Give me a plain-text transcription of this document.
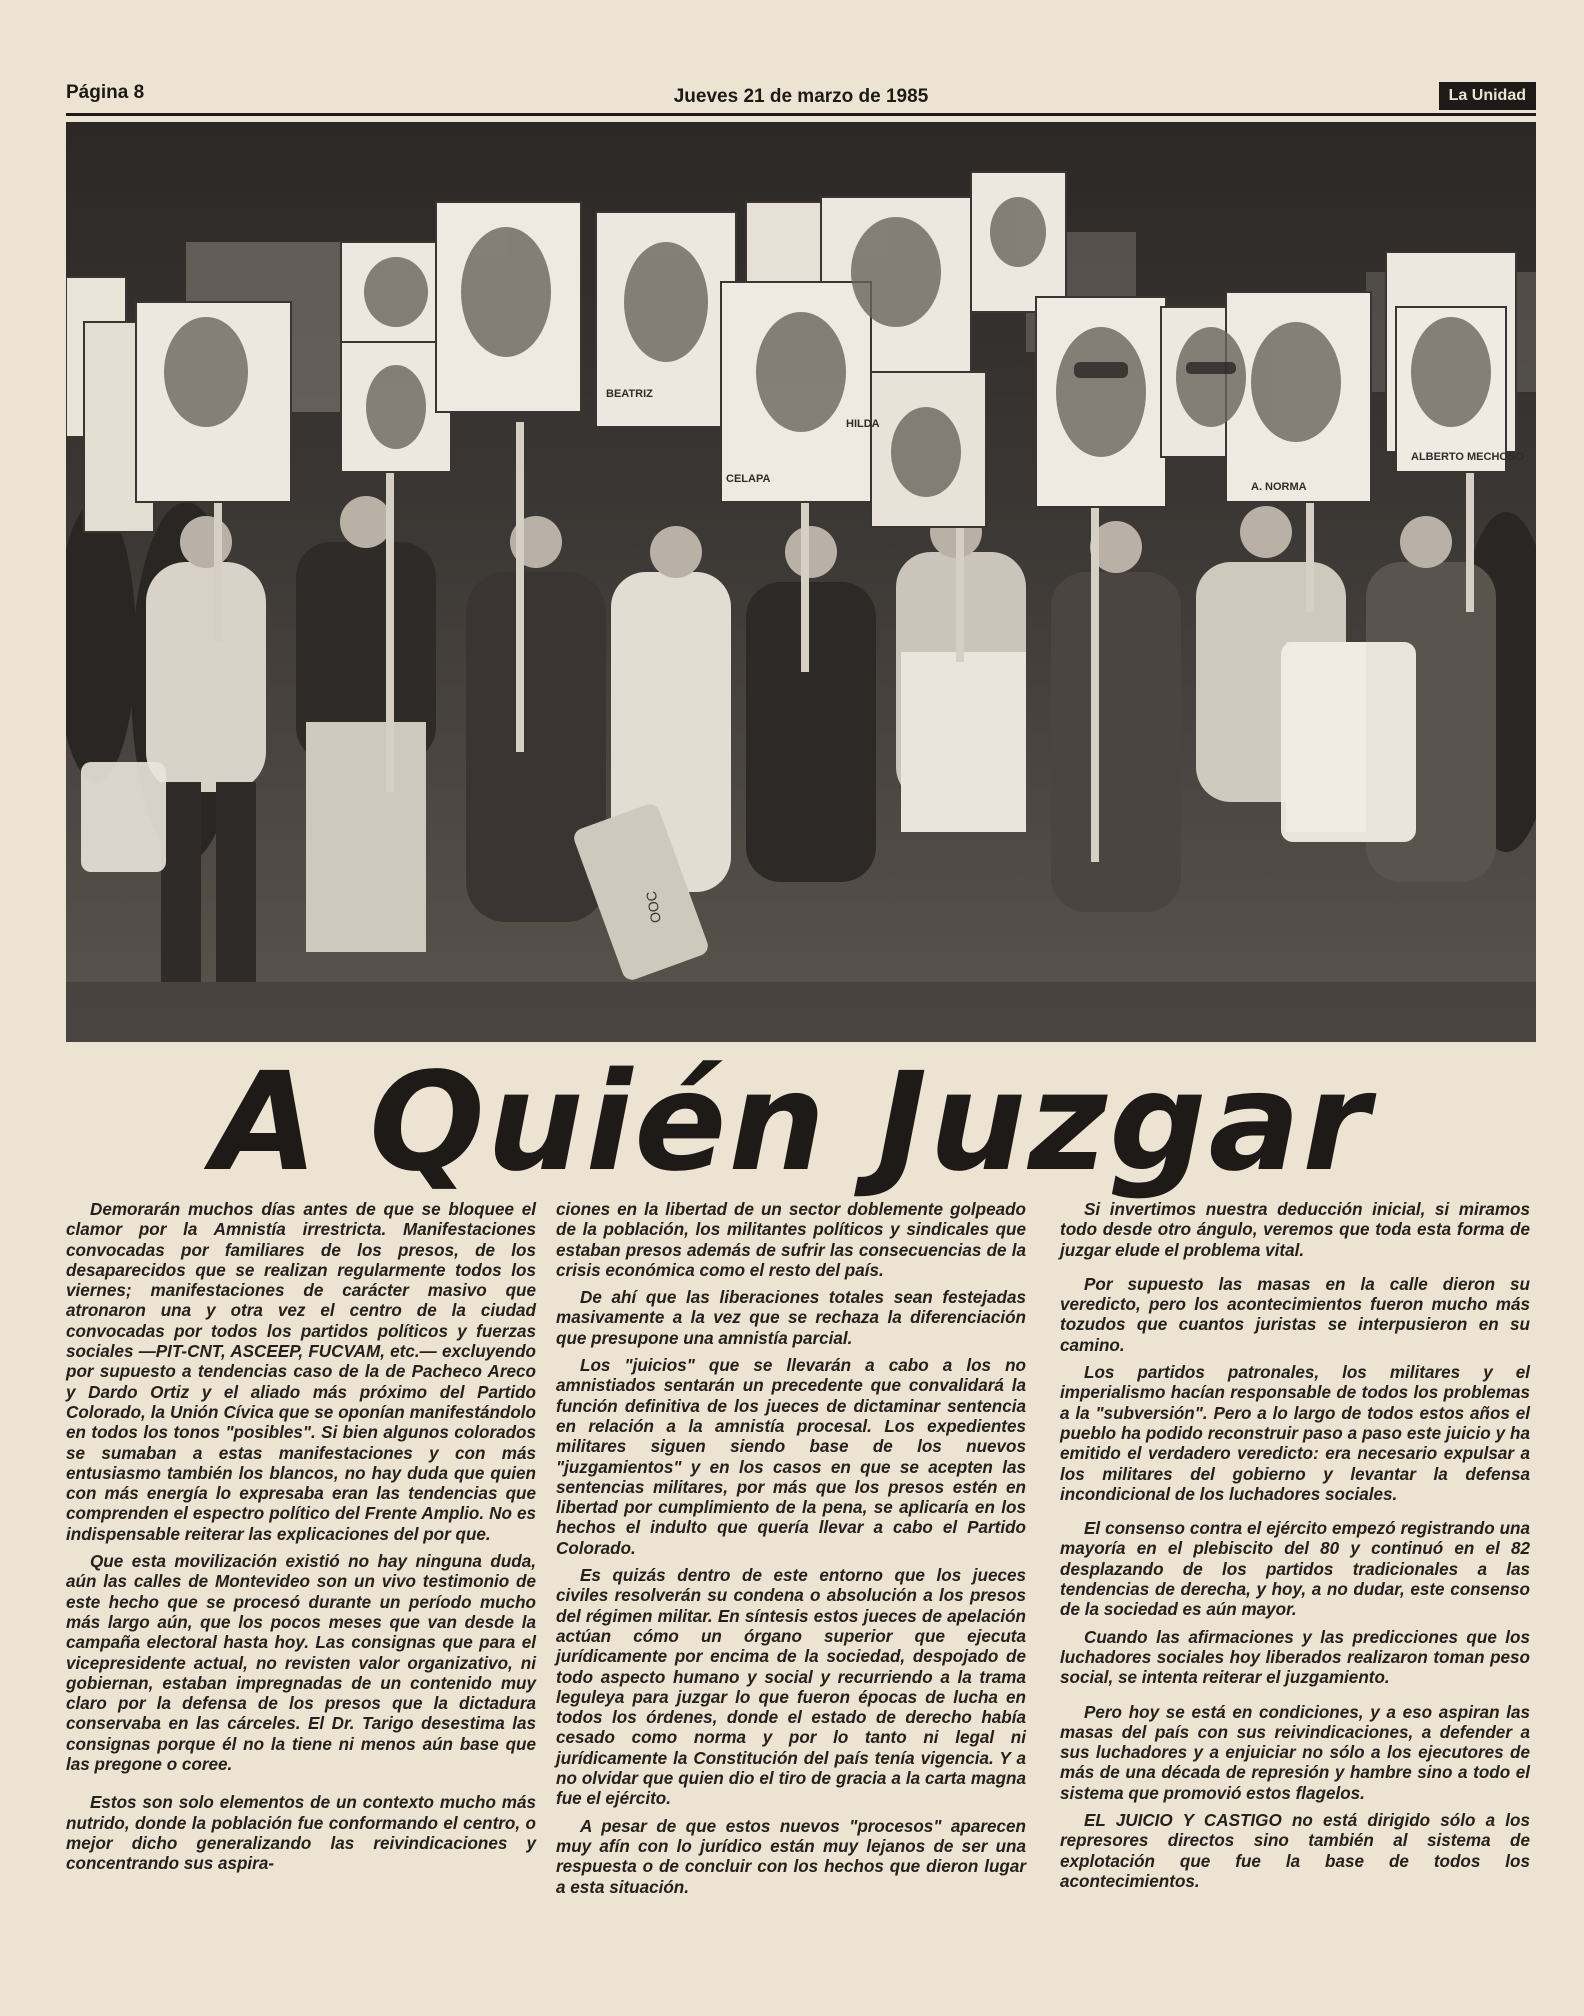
Página 8	Jueves 21 de marzo de 1985	La Unidad
ALBERTO MECHOSO
BEATRIZ
CELAPA
A. NORMA
HILDA
OOC
A Quién Juzgar

Demorarán muchos días antes de que se bloquee el clamor por la Amnistía irrestricta. Manifestaciones convocadas por familiares de los presos, de los desaparecidos que se realizan regularmente todos los viernes; manifestaciones de carácter masivo que atronaron una y otra vez el centro de la ciudad convocadas por todos los partidos políticos y fuerzas sociales —PIT-CNT, ASCEEP, FUCVAM, etc.— excluyendo por supuesto a tendencias caso de la de Pacheco Areco y Dardo Ortiz y el aliado más próximo del Partido Colorado, la Unión Cívica que se oponían manifestándolo en todos los tonos "posibles". Si bien algunos colorados se sumaban a estas manifestaciones y con más entusiasmo también los blancos, no hay duda que quien con más energía lo expresaba eran las tendencias que comprenden el espectro político del Frente Amplio. No es indispensable reiterar las explicaciones del por que.

Que esta movilización existió no hay ninguna duda, aún las calles de Montevideo son un vivo testimonio de este hecho que se procesó durante un período mucho más largo aún, que los pocos meses que van desde la campaña electoral hasta hoy. Las consignas que para el vicepresidente actual, no revisten valor organizativo, ni gobiernan, estaban impregnadas de un contenido muy claro por la defensa de los presos que la dictadura conservaba en las cárceles. El Dr. Tarigo desestima las consignas porque él no la tiene ni menos aún base que las pregone o coree.

Estos son solo elementos de un contexto mucho más nutrido, donde la población fue conformando el centro, o mejor dicho generalizando las reivindicaciones y concentrando sus aspira-

ciones en la libertad de un sector doblemente golpeado de la población, los militantes políticos y sindicales que estaban presos además de sufrir las consecuencias de la crisis económica como el resto del país.

De ahí que las liberaciones totales sean festejadas masivamente a la vez que se rechaza la diferenciación que presupone una amnistía parcial.

Los "juicios" que se llevarán a cabo a los no amnistiados sentarán un precedente que convalidará la función definitiva de los jueces de dictaminar sentencia en relación a la amnistía procesal. Los expedientes militares siguen siendo base de los nuevos "juzgamientos" y en los casos en que se acepten las sentencias militares, por más que los presos estén en libertad por cumplimiento de la pena, se aplicaría en los hechos el indulto que quería llevar a cabo el Partido Colorado.

Es quizás dentro de este entorno que los jueces civiles resolverán su condena o absolución a los presos del régimen militar. En síntesis estos jueces de apelación actúan cómo un órgano superior que ejecuta jurídicamente por encima de la sociedad, despojado de todo aspecto humano y social y recurriendo a la trama leguleya para juzgar lo que fueron épocas de lucha en todos los órdenes, donde el estado de derecho había cesado como norma y por lo tanto ni legal ni jurídicamente la Constitución del país tenía vigencia. Y a no olvidar que quien dio el tiro de gracia a la carta magna fue el ejército.

A pesar de que estos nuevos "procesos" aparecen muy afín con lo jurídico están muy lejanos de ser una respuesta o de concluir con los hechos que dieron lugar a esta situación.

Si invertimos nuestra deducción inicial, si miramos todo desde otro ángulo, veremos que toda esta forma de juzgar elude el problema vital.

Por supuesto las masas en la calle dieron su veredicto, pero los acontecimientos fueron mucho más tozudos que cuantos juristas se interpusieron en su camino.

Los partidos patronales, los militares y el imperialismo hacían responsable de todos los problemas a la "subversión". Pero a lo largo de todos estos años el pueblo ha podido reconstruir paso a paso este juicio y ha emitido el verdadero veredicto: era necesario expulsar a los militares del gobierno y levantar la defensa incondicional de los luchadores sociales.

El consenso contra el ejército empezó registrando una mayoría en el plebiscito del 80 y continuó en el 82 desplazando de los partidos tradicionales a las tendencias de derecha, y hoy, a no dudar, este consenso de la sociedad es aún mayor.

Cuando las afirmaciones y las predicciones que los luchadores sociales hoy liberados realizaron toman peso social, se intenta reiterar el juzgamiento.

Pero hoy se está en condiciones, y a eso aspiran las masas del país con sus reivindicaciones, a defender a sus luchadores y a enjuiciar no sólo a los ejecutores de más de una década de represión y hambre sino a todo el sistema que promovió estos flagelos.

EL JUICIO Y CASTIGO no está dirigido sólo a los represores directos sino también al sistema de explotación que fue la base de todos los acontecimientos.
